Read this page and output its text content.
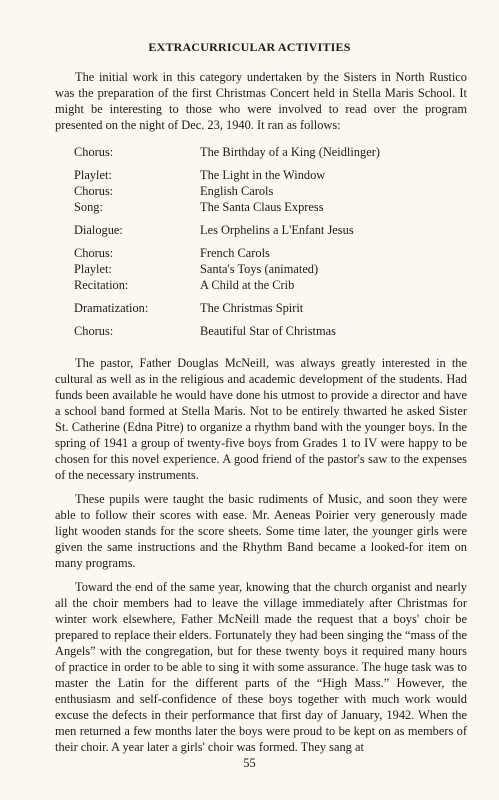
EXTRACURRICULAR ACTIVITIES

The initial work in this category undertaken by the Sisters in North Rustico was the preparation of the first Christmas Concert held in Stella Maris School. It might be interesting to those who were involved to read over the program presented on the night of Dec. 23, 1940. It ran as follows:

Chorus:	The Birthday of a King (Neidlinger)
Playlet:	The Light in the Window
Chorus:	English Carols
Song:	The Santa Claus Express
Dialogue:	Les Orphelins a L'Enfant Jesus
Chorus:	French Carols
Playlet:	Santa's Toys (animated)
Recitation:	A Child at the Crib
Dramatization:	The Christmas Spirit
Chorus:	Beautiful Star of Christmas

The pastor, Father Douglas McNeill, was always greatly interested in the cultural as well as in the religious and academic development of the students. Had funds been available he would have done his utmost to provide a director and have a school band formed at Stella Maris. Not to be entirely thwarted he asked Sister St. Catherine (Edna Pitre) to organize a rhythm band with the younger boys. In the spring of 1941 a group of twenty-five boys from Grades 1 to IV were happy to be chosen for this novel experience. A good friend of the pastor's saw to the expenses of the necessary instruments.

These pupils were taught the basic rudiments of Music, and soon they were able to follow their scores with ease. Mr. Aeneas Poirier very generously made light wooden stands for the score sheets. Some time later, the younger girls were given the same instructions and the Rhythm Band became a looked-for item on many programs.

Toward the end of the same year, knowing that the church organist and nearly all the choir members had to leave the village immediately after Christmas for winter work elsewhere, Father McNeill made the request that a boys' choir be prepared to replace their elders. Fortunately they had been singing the “mass of the Angels” with the congregation, but for these twenty boys it required many hours of practice in order to be able to sing it with some assurance. The huge task was to master the Latin for the different parts of the “High Mass.” However, the enthusiasm and self-confidence of these boys together with much work would excuse the defects in their performance that first day of January, 1942. When the men returned a few months later the boys were proud to be kept on as members of their choir. A year later a girls' choir was formed. They sang at

55
